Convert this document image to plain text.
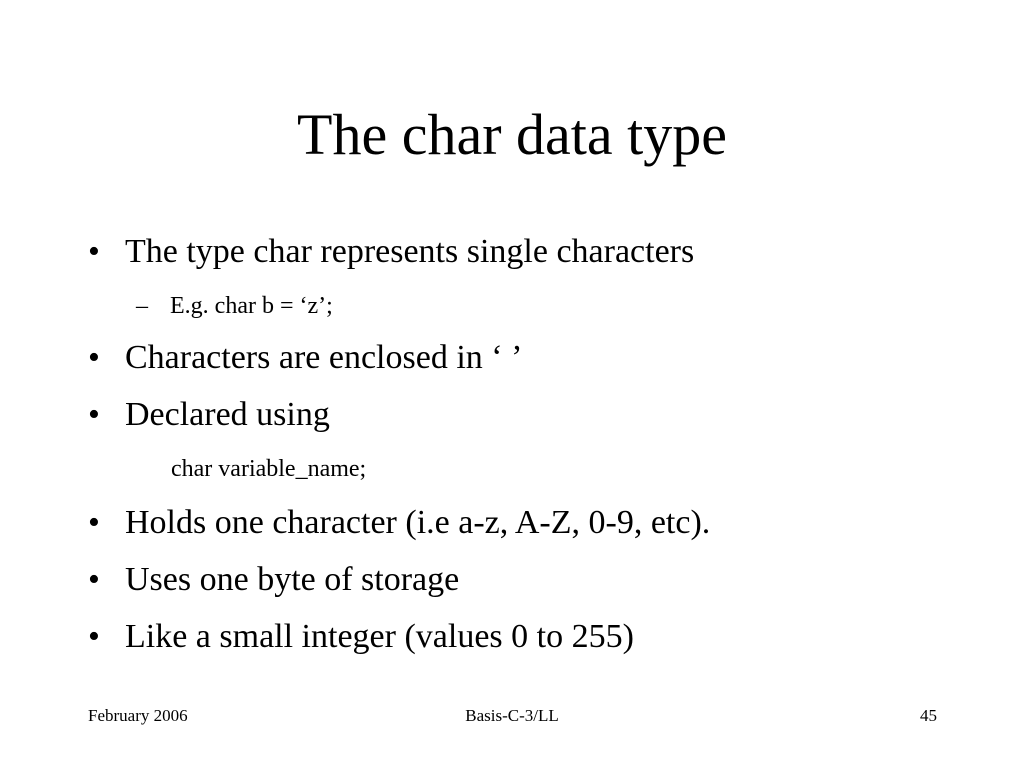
The char data type
• The type char represents single characters
– E.g. char b = ‘z’;
• Characters are enclosed in ‘ ’
• Declared using
char variable_name;
• Holds one character (i.e a-z, A-Z, 0-9, etc).
• Uses one byte of storage
• Like a small integer (values 0 to 255)
February 2006	Basis-C-3/LL	45
